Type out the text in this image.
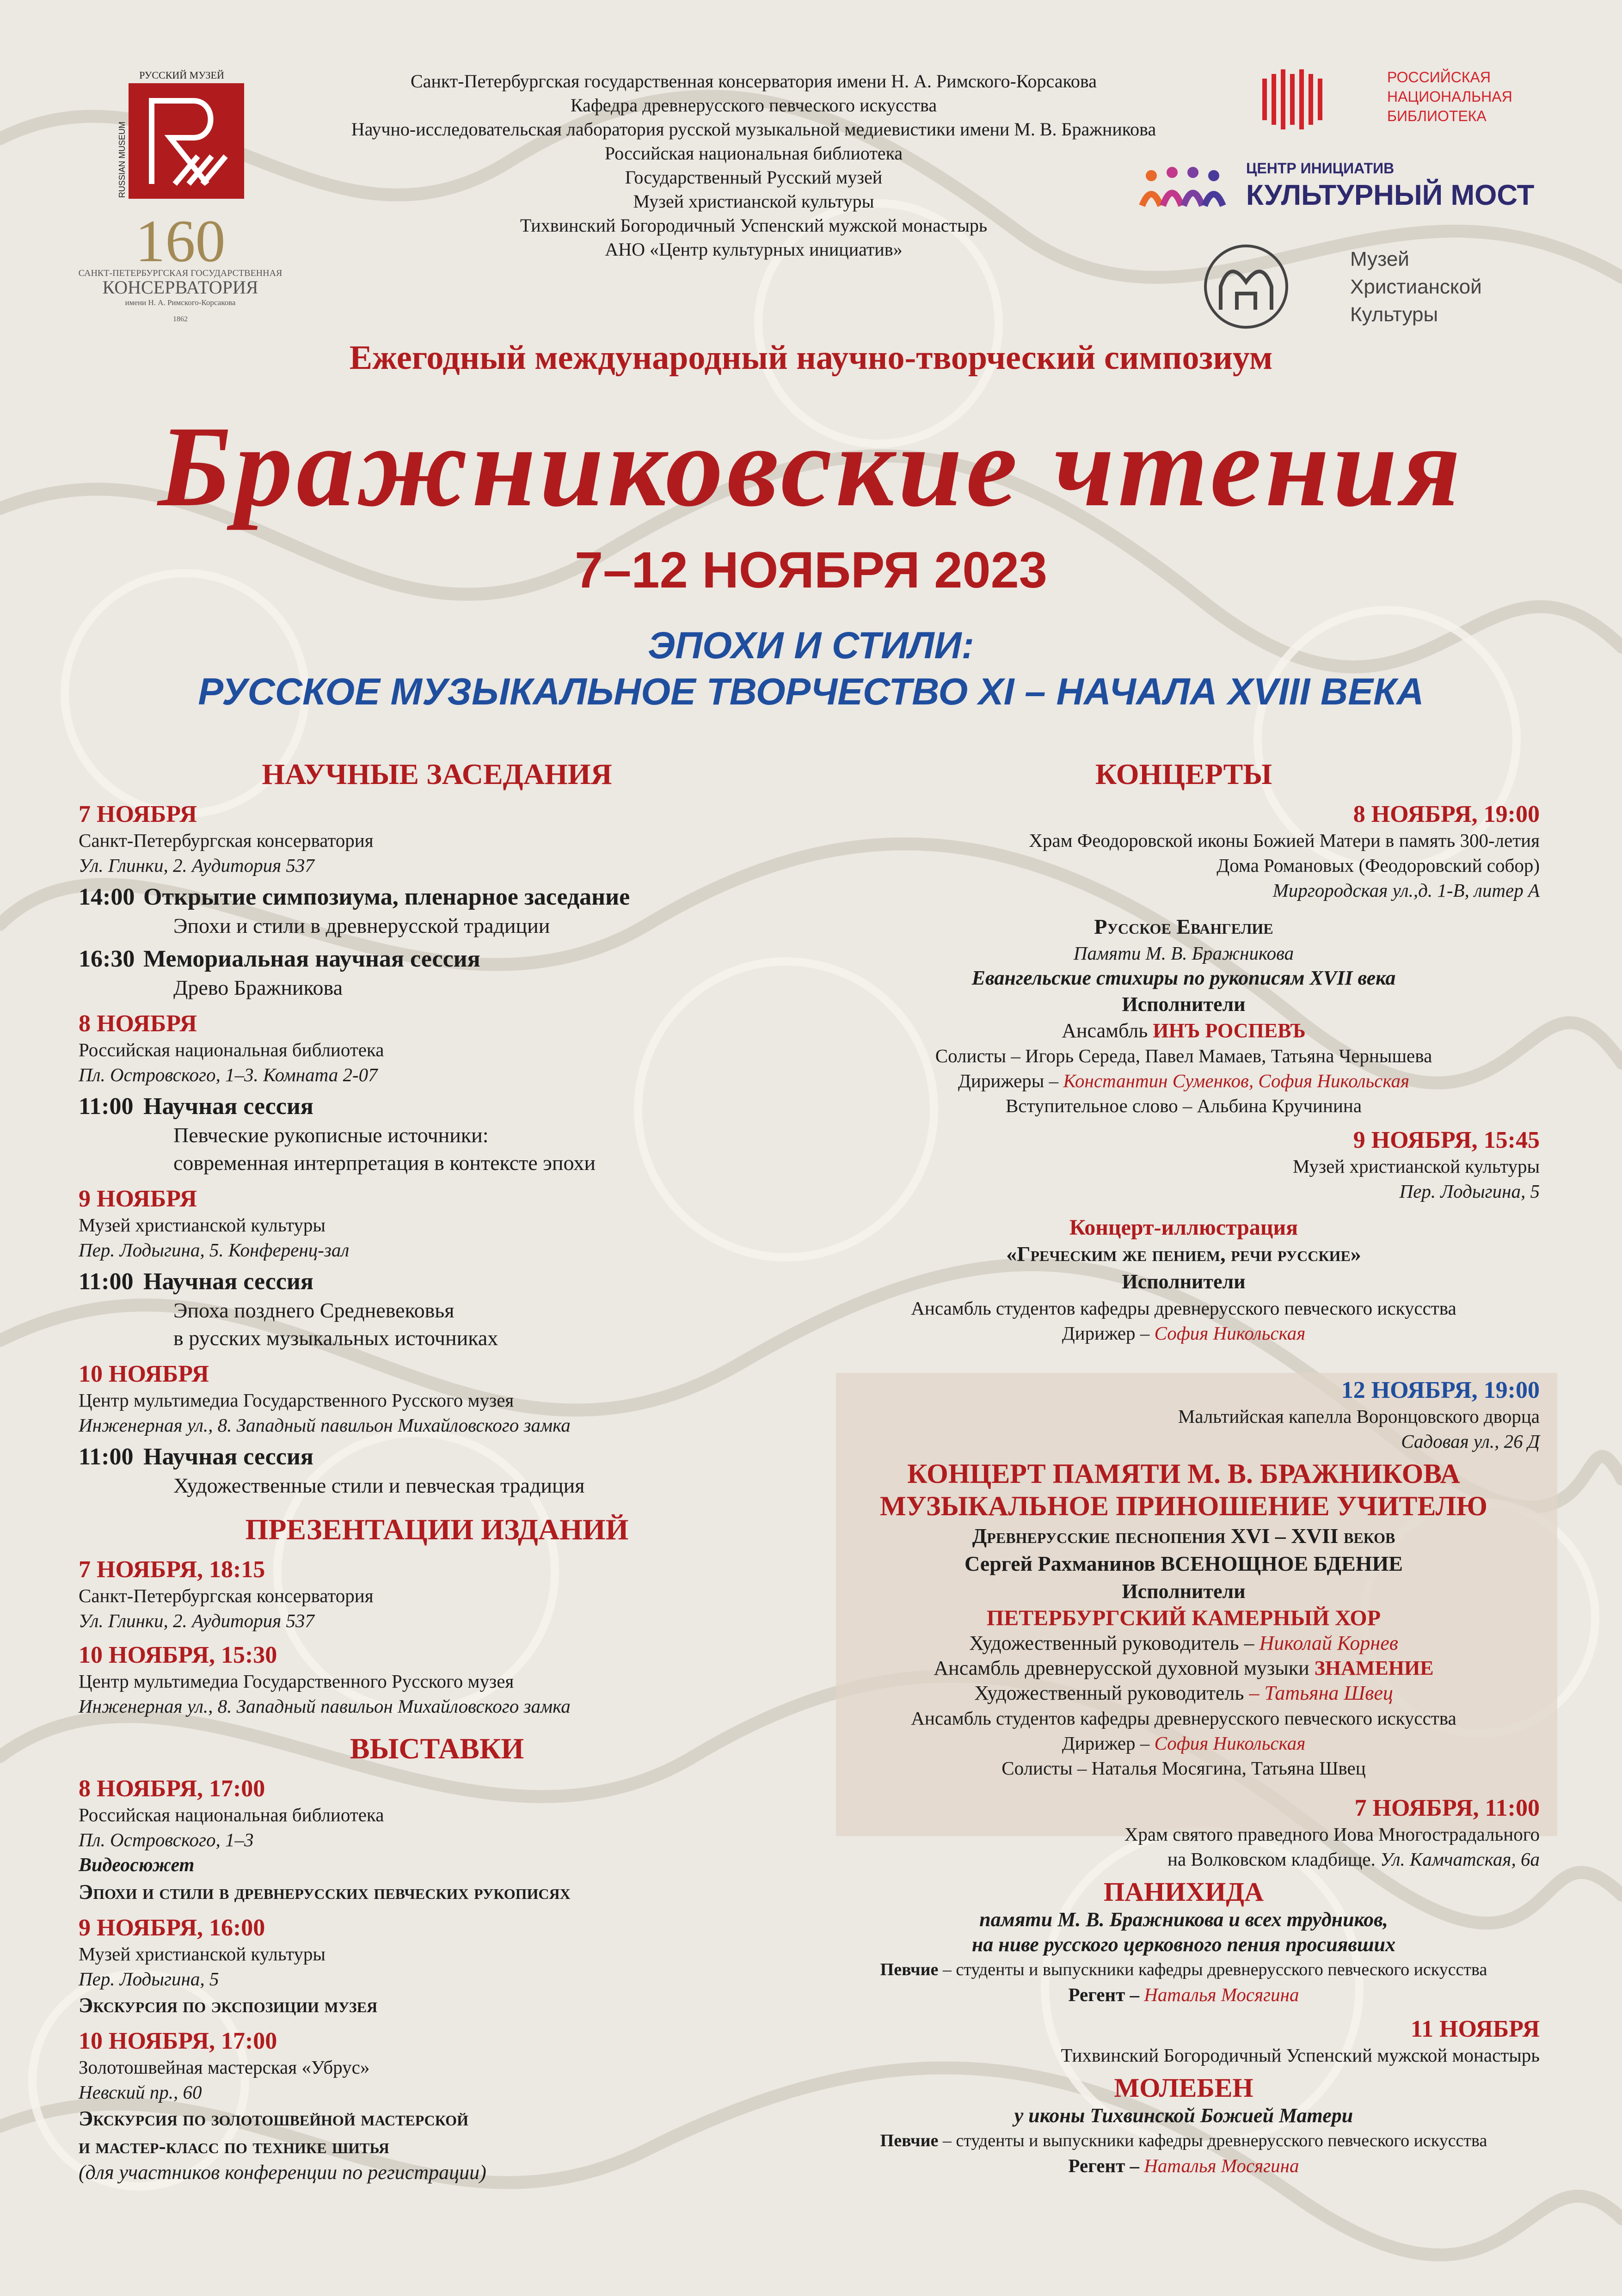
РУССКИЙ МУЗЕЙ
RUSSIAN MUSEUM
160
САНКТ-ПЕТЕРБУРГСКАЯ ГОСУДАРСТВЕННАЯ
КОНСЕРВАТОРИЯ
имени Н. А. Римского-Корсакова
1862
Санкт-Петербургская государственная консерватория имени Н. А. Римского-Корсакова
Кафедра древнерусского певческого искусства
Научно-исследовательская лаборатория русской музыкальной медиевистики имени М. В. Бражникова
Российская национальная библиотека
Государственный Русский музей
Музей христианской культуры
Тихвинский Богородичный Успенский мужской монастырь
АНО «Центр культурных инициатив»
РОССИЙСКАЯ
НАЦИОНАЛЬНАЯ
БИБЛИОТЕКА
ЦЕНТР ИНИЦИАТИВ
КУЛЬТУРНЫЙ МОСТ
Музей
Христианской
Культуры
Ежегодный международный научно-творческий симпозиум
Бражниковские чтения
7–12 НОЯБРЯ 2023
ЭПОХИ И СТИЛИ:
РУССКОЕ МУЗЫКАЛЬНОЕ ТВОРЧЕСТВО XI – НАЧАЛА XVIII ВЕКА
НАУЧНЫЕ ЗАСЕДАНИЯ
7 НОЯБРЯ
Санкт-Петербургская консерватория
Ул. Глинки, 2. Аудитория 537
14:00 Открытие симпозиума, пленарное заседание
Эпохи и стили в древнерусской традиции
16:30 Мемориальная научная сессия
Древо Бражникова
8 НОЯБРЯ
Российская национальная библиотека
Пл. Островского, 1–3. Комната 2-07
11:00 Научная сессия
Певческие рукописные источники:
современная интерпретация в контексте эпохи
9 НОЯБРЯ
Музей христианской культуры
Пер. Лодыгина, 5. Конференц-зал
11:00 Научная сессия
Эпоха позднего Средневековья
в русских музыкальных источниках
10 НОЯБРЯ
Центр мультимедиа Государственного Русского музея
Инженерная ул., 8. Западный павильон Михайловского замка
11:00 Научная сессия
Художественные стили и певческая традиция
ПРЕЗЕНТАЦИИ ИЗДАНИЙ
7 НОЯБРЯ, 18:15
Санкт-Петербургская консерватория
Ул. Глинки, 2. Аудитория 537
10 НОЯБРЯ, 15:30
Центр мультимедиа Государственного Русского музея
Инженерная ул., 8. Западный павильон Михайловского замка
ВЫСТАВКИ
8 НОЯБРЯ, 17:00
Российская национальная библиотека
Пл. Островского, 1–3
Видеосюжет
Эпохи и стили в древнерусских певческих рукописях
9 НОЯБРЯ, 16:00
Музей христианской культуры
Пер. Лодыгина, 5
Экскурсия по экспозиции музея
10 НОЯБРЯ, 17:00
Золотошвейная мастерская «Убрус»
Невский пр., 60
Экскурсия по золотошвейной мастерской
и мастер-класс по технике шитья
(для участников конференции по регистрации)
КОНЦЕРТЫ
8 НОЯБРЯ, 19:00
Храм Феодоровской иконы Божией Матери в память 300-летия
Дома Романовых (Феодоровский собор)
Миргородская ул.,д. 1-В, литер А
Русское Евангелие
Памяти М. В. Бражникова
Евангельские стихиры по рукописям XVII века
Исполнители
Ансамбль ИНЪ РОСПЕВЪ
Солисты – Игорь Середа, Павел Мамаев, Татьяна Чернышева
Дирижеры – Константин Суменков, София Никольская
Вступительное слово – Альбина Кручинина
9 НОЯБРЯ, 15:45
Музей христианской культуры
Пер. Лодыгина, 5
Концерт-иллюстрация
«Греческим же пением, речи русские»
Исполнители
Ансамбль студентов кафедры древнерусского певческого искусства
Дирижер – София Никольская
12 НОЯБРЯ, 19:00
Мальтийская капелла Воронцовского дворца
Садовая ул., 26 Д
КОНЦЕРТ ПАМЯТИ М. В. БРАЖНИКОВА
МУЗЫКАЛЬНОЕ ПРИНОШЕНИЕ УЧИТЕЛЮ
Древнерусские песнопения XVI – XVII веков
Сергей Рахманинов ВСЕНОЩНОЕ БДЕНИЕ
Исполнители
ПЕТЕРБУРГСКИЙ КАМЕРНЫЙ ХОР
Художественный руководитель – Николай Корнев
Ансамбль древнерусской духовной музыки ЗНАМЕНИЕ
Художественный руководитель – Татьяна Швец
Ансамбль студентов кафедры древнерусского певческого искусства
Дирижер – София Никольская
Солисты – Наталья Мосягина, Татьяна Швец
7 НОЯБРЯ, 11:00
Храм святого праведного Иова Многострадального
на Волковском кладбище. Ул. Камчатская, 6а
ПАНИХИДА
памяти М. В. Бражникова и всех трудников,
на ниве русского церковного пения просиявших
Певчие – студенты и выпускники кафедры древнерусского певческого искусства
Регент – Наталья Мосягина
11 НОЯБРЯ
Тихвинский Богородичный Успенский мужской монастырь
МОЛЕБЕН
у иконы Тихвинской Божией Матери
Певчие – студенты и выпускники кафедры древнерусского певческого искусства
Регент – Наталья Мосягина
